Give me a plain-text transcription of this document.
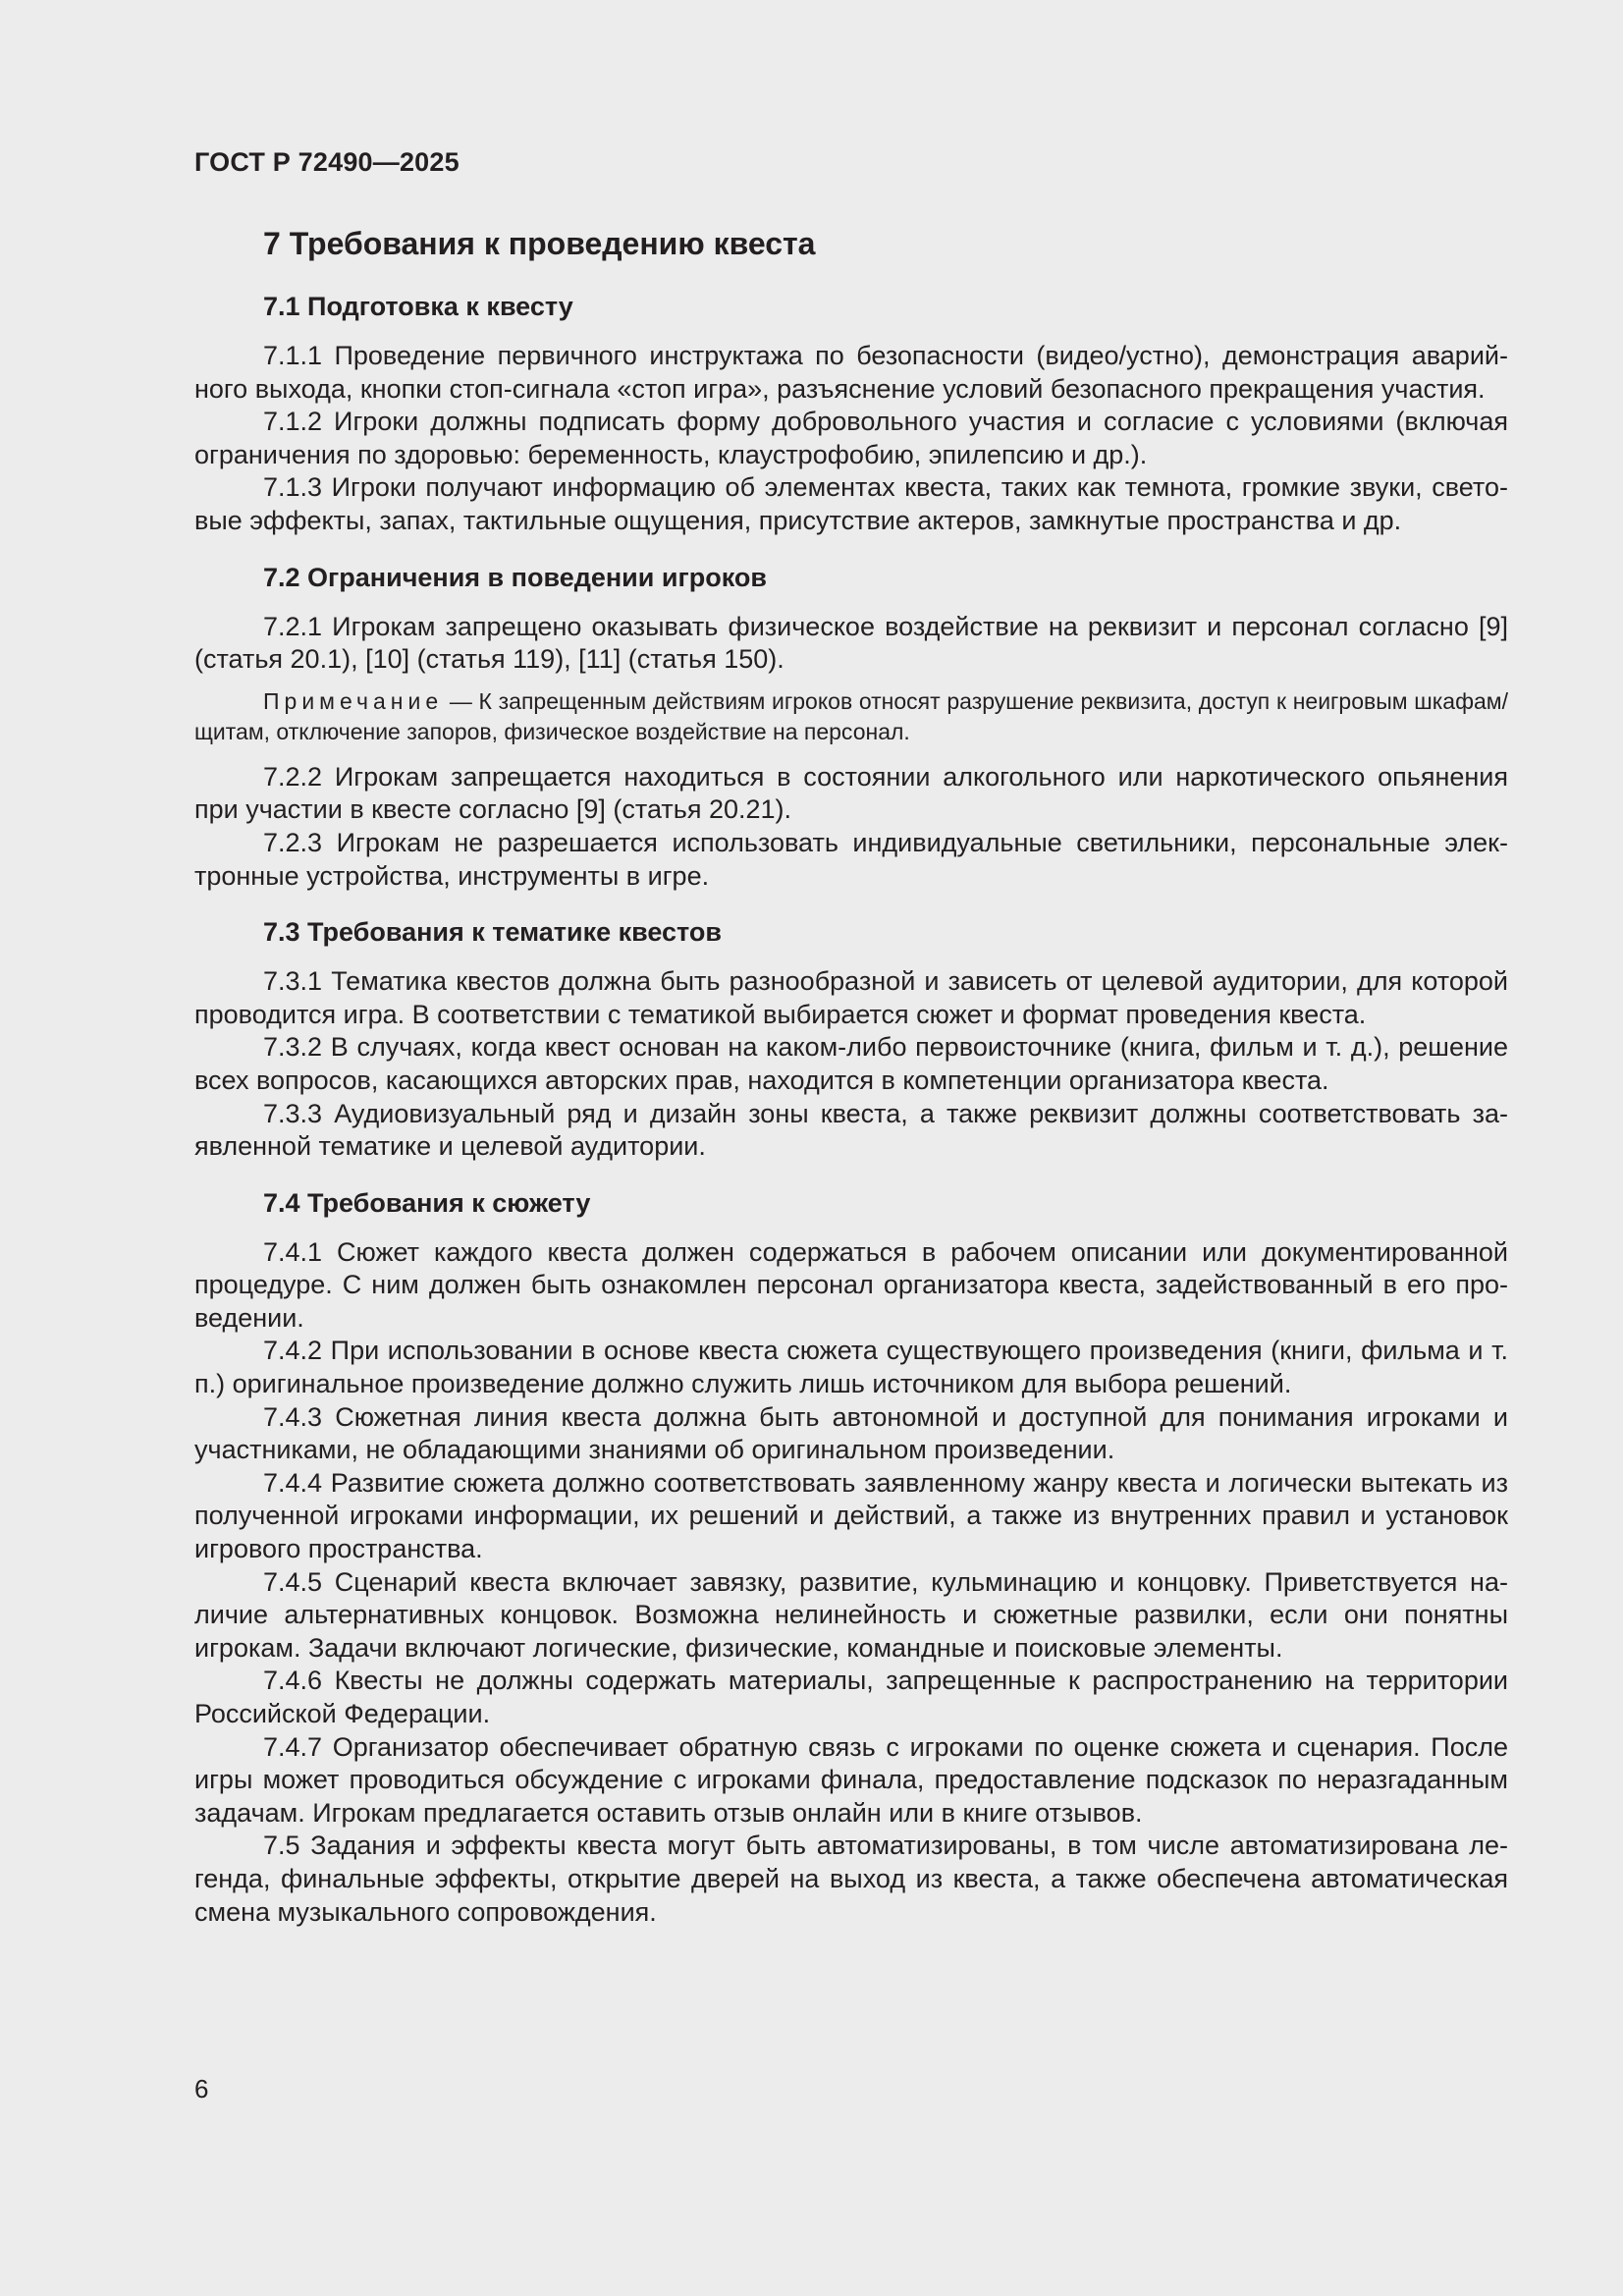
ГОСТ Р 72490—2025
7 Требования к проведению квеста
7.1 Подготовка к квесту

7.1.1 Проведение первичного инструктажа по безопасности (видео/устно), демонстрация аварийного выхода, кнопки стоп-сигнала «стоп игра», разъяснение условий безопасного прекращения участия.

7.1.2 Игроки должны подписать форму добровольного участия и согласие с условиями (включая ограничения по здоровью: беременность, клаустрофобию, эпилепсию и др.).

7.1.3 Игроки получают информацию об элементах квеста, таких как темнота, громкие звуки, световые эффекты, запах, тактильные ощущения, присутствие актеров, замкнутые пространства и др.

7.2 Ограничения в поведении игроков

7.2.1 Игрокам запрещено оказывать физическое воздействие на реквизит и персонал согласно [9] (статья 20.1), [10] (статья 119), [11] (статья 150).

Примечание — К запрещенным действиям игроков относят разрушение реквизита, доступ к неигровым шкафам/щитам, отключение запоров, физическое воздействие на персонал.

7.2.2 Игрокам запрещается находиться в состоянии алкогольного или наркотического опьянения при участии в квесте согласно [9] (статья 20.21).

7.2.3 Игрокам не разрешается использовать индивидуальные светильники, персональные электронные устройства, инструменты в игре.

7.3 Требования к тематике квестов

7.3.1 Тематика квестов должна быть разнообразной и зависеть от целевой аудитории, для которой проводится игра. В соответствии с тематикой выбирается сюжет и формат проведения квеста.

7.3.2 В случаях, когда квест основан на каком-либо первоисточнике (книга, фильм и т. д.), решение всех вопросов, касающихся авторских прав, находится в компетенции организатора квеста.

7.3.3 Аудиовизуальный ряд и дизайн зоны квеста, а также реквизит должны соответствовать заявленной тематике и целевой аудитории.

7.4 Требования к сюжету

7.4.1 Сюжет каждого квеста должен содержаться в рабочем описании или документированной процедуре. С ним должен быть ознакомлен персонал организатора квеста, задействованный в его проведении.

7.4.2 При использовании в основе квеста сюжета существующего произведения (книги, фильма и т. п.) оригинальное произведение должно служить лишь источником для выбора решений.

7.4.3 Сюжетная линия квеста должна быть автономной и доступной для понимания игроками и участниками, не обладающими знаниями об оригинальном произведении.

7.4.4 Развитие сюжета должно соответствовать заявленному жанру квеста и логически вытекать из полученной игроками информации, их решений и действий, а также из внутренних правил и установок игрового пространства.

7.4.5 Сценарий квеста включает завязку, развитие, кульминацию и концовку. Приветствуется наличие альтернативных концовок. Возможна нелинейность и сюжетные развилки, если они понятны игрокам. Задачи включают логические, физические, командные и поисковые элементы.

7.4.6 Квесты не должны содержать материалы, запрещенные к распространению на территории Российской Федерации.

7.4.7 Организатор обеспечивает обратную связь с игроками по оценке сюжета и сценария. После игры может проводиться обсуждение с игроками финала, предоставление подсказок по неразгаданным задачам. Игрокам предлагается оставить отзыв онлайн или в книге отзывов.

7.5 Задания и эффекты квеста могут быть автоматизированы, в том числе автоматизирована легенда, финальные эффекты, открытие дверей на выход из квеста, а также обеспечена автоматическая смена музыкального сопровождения.

6
